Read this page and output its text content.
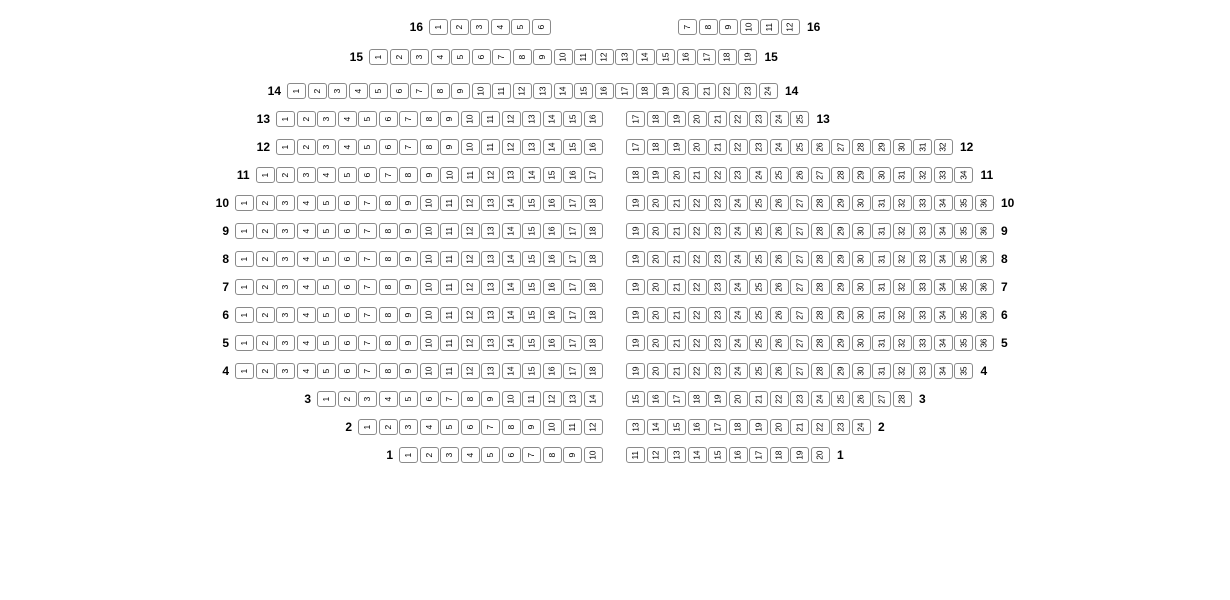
16	1 2 3 4 5 6	7 8 9 10 11 12	16
15	1 2 3 4 5 6 7 8 9 10 11 12 13 14 15 16 17 18 19	15
14	1 2 3 4 5 6 7 8 9 10 11 12 13 14 15 16 17 18 19 20 21 22 23 24	14
13	1 2 3 4 5 6 7 8 9 10 11 12 13 14 15 16	17 18 19 20 21 22 23 24 25	13
12	1 2 3 4 5 6 7 8 9 10 11 12 13 14 15 16	17 18 19 20 21 22 23 24 25 26 27 28 29 30 31 32	12
11	1 2 3 4 5 6 7 8 9 10 11 12 13 14 15 16 17	18 19 20 21 22 23 24 25 26 27 28 29 30 31 32 33 34	11
10	1 2 3 4 5 6 7 8 9 10 11 12 13 14 15 16 17 18	19 20 21 22 23 24 25 26 27 28 29 30 31 32 33 34 35 36	10
9	1 2 3 4 5 6 7 8 9 10 11 12 13 14 15 16 17 18	19 20 21 22 23 24 25 26 27 28 29 30 31 32 33 34 35 36	9
8	1 2 3 4 5 6 7 8 9 10 11 12 13 14 15 16 17 18	19 20 21 22 23 24 25 26 27 28 29 30 31 32 33 34 35 36	8
7	1 2 3 4 5 6 7 8 9 10 11 12 13 14 15 16 17 18	19 20 21 22 23 24 25 26 27 28 29 30 31 32 33 34 35 36	7
6	1 2 3 4 5 6 7 8 9 10 11 12 13 14 15 16 17 18	19 20 21 22 23 24 25 26 27 28 29 30 31 32 33 34 35 36	6
5	1 2 3 4 5 6 7 8 9 10 11 12 13 14 15 16 17 18	19 20 21 22 23 24 25 26 27 28 29 30 31 32 33 34 35 36	5
4	1 2 3 4 5 6 7 8 9 10 11 12 13 14 15 16 17 18	19 20 21 22 23 24 25 26 27 28 29 30 31 32 33 34 35	4
3	1 2 3 4 5 6 7 8 9 10 11 12 13 14	15 16 17 18 19 20 21 22 23 24 25 26 27 28	3
2	1 2 3 4 5 6 7 8 9 10 11 12	13 14 15 16 17 18 19 20 21 22 23 24	2
1	1 2 3 4 5 6 7 8 9 10	11 12 13 14 15 16 17 18 19 20	1
